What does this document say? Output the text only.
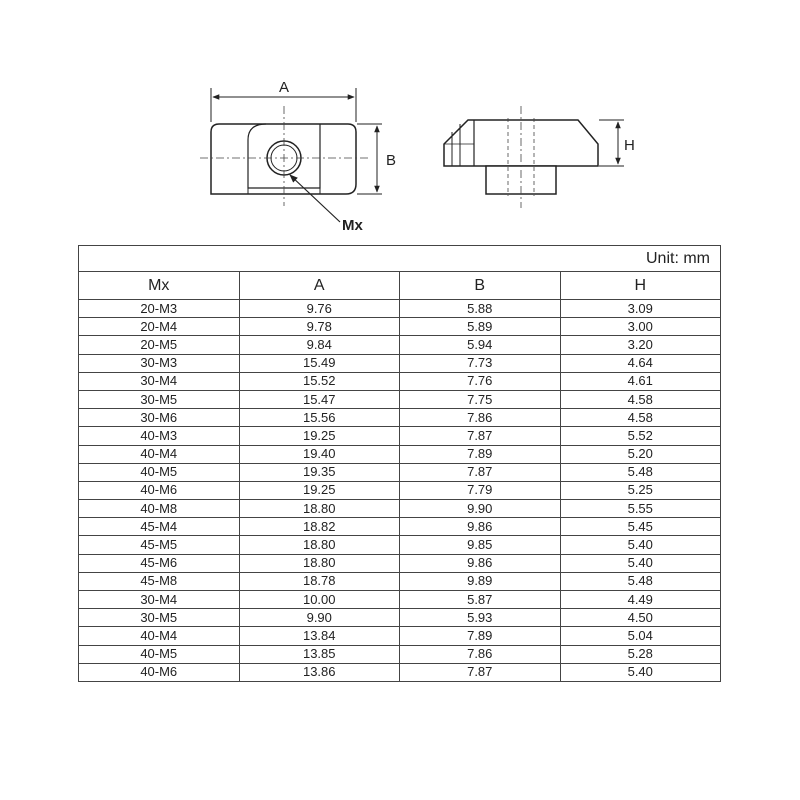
A
B
Mx
H
Unit: mm			
Mx	A	B	H
20-M3	9.76	5.88	3.09
20-M4	9.78	5.89	3.00
20-M5	9.84	5.94	3.20
30-M3	15.49	7.73	4.64
30-M4	15.52	7.76	4.61
30-M5	15.47	7.75	4.58
30-M6	15.56	7.86	4.58
40-M3	19.25	7.87	5.52
40-M4	19.40	7.89	5.20
40-M5	19.35	7.87	5.48
40-M6	19.25	7.79	5.25
40-M8	18.80	9.90	5.55
45-M4	18.82	9.86	5.45
45-M5	18.80	9.85	5.40
45-M6	18.80	9.86	5.40
45-M8	18.78	9.89	5.48
30-M4	10.00	5.87	4.49
30-M5	9.90	5.93	4.50
40-M4	13.84	7.89	5.04
40-M5	13.85	7.86	5.28
40-M6	13.86	7.87	5.40
